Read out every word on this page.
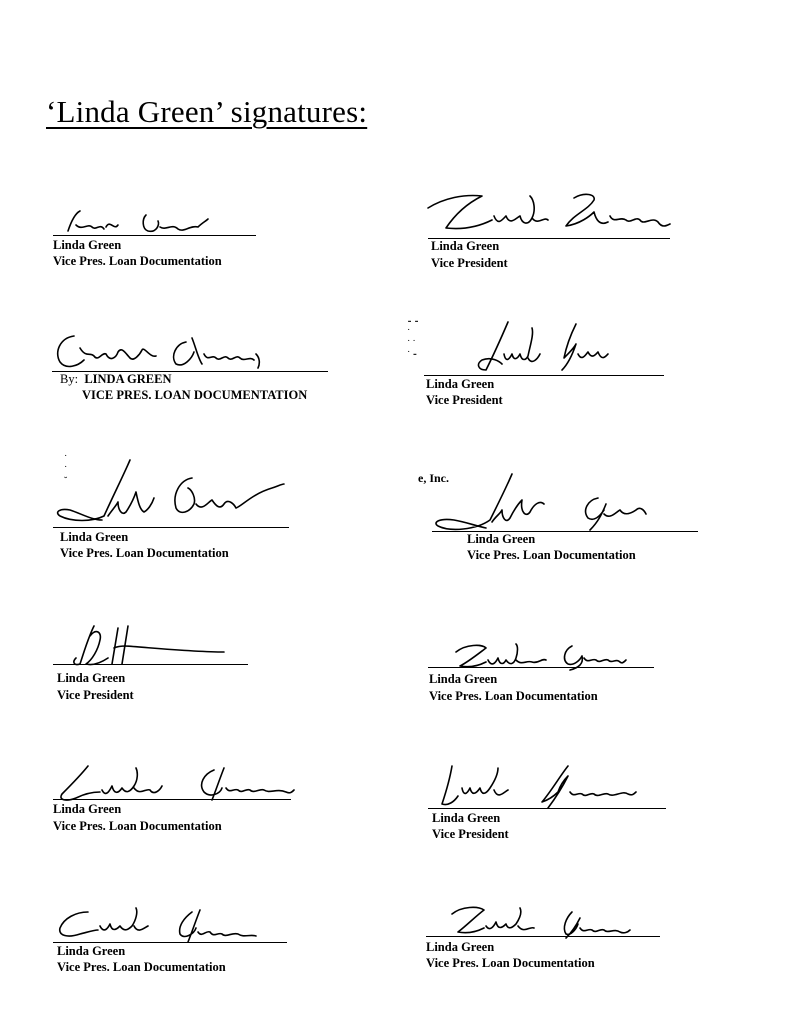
‘Linda Green’ signatures:
Linda Green
Vice Pres. Loan Documentation
Linda Green
Vice President
By: LINDA GREEN
VICE PRES. LOAN DOCUMENTATION
⁃⁃ ˙ ˙˙ ˙⁃
Linda Green
Vice President
˙ ˙ ˘
Linda Green
Vice Pres. Loan Documentation
e, Inc.
Linda Green
Vice Pres. Loan Documentation
Linda Green
Vice President
Linda Green
Vice Pres. Loan Documentation
Linda Green
Vice Pres. Loan Documentation
Linda Green
Vice President
Linda Green
Vice Pres. Loan Documentation
Linda Green
Vice Pres. Loan Documentation
